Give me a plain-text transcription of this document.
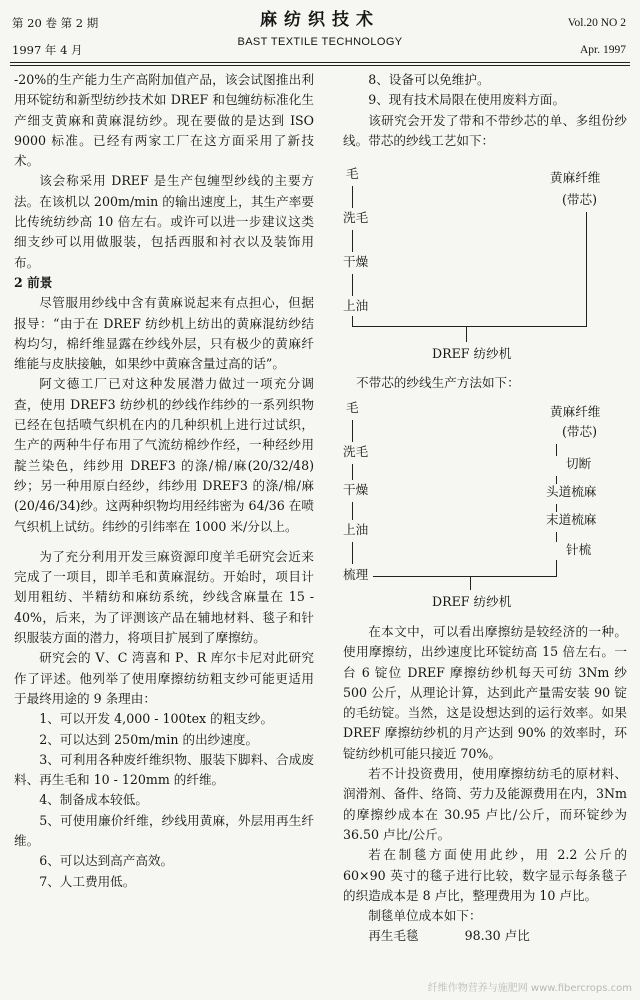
第 20 卷 第 2 期
1997 年 4 月
麻纺织技术
BAST TEXTILE TECHNOLOGY
Vol.20 NO 2
Apr. 1997

-20%的生产能力生产高附加值产品，该会试图推出利用环锭纺和新型纺纱技术如 DREF 和包缠纺标准化生产细支黄麻和黄麻混纺纱。现在要做的是达到 ISO 9000 标准。已经有两家工厂在这方面采用了新技术。

该会称采用 DREF 是生产包缠型纱线的主要方法。在该机以 200m/min 的输出速度上，其生产率要比传统纺纱高 10 倍左右。或许可以进一步建议这类细支纱可以用做服装，包括西服和衬衣以及装饰用布。

2 前景

尽管服用纱线中含有黄麻说起来有点担心，但据报导：“由于在 DREF 纺纱机上纺出的黄麻混纺纱结构均匀，棉纤维显露在纱线外层，只有极少的黄麻纤维能与皮肤接触，如果纱中黄麻含量过高的话”。

阿文德工厂已对这种发展潜力做过一项充分调查，使用 DREF3 纺纱机的纱线作纬纱的一系列织物已经在包括喷气织机在内的几种织机上进行过试织，生产的两种牛仔布用了气流纺棉纱作经，一种经纱用靛兰染色，纬纱用 DREF3 的涤/棉/麻(20/32/48)纱；另一种用原白经纱，纬纱用 DREF3 的涤/棉/麻(20/46/34)纱。这两种织物均用经纬密为 64/36 在喷气织机上试纺。纬纱的引纬率在 1000 米/分以上。

为了充分利用开发亖麻资源印度羊毛研究会近来完成了一项目，即羊毛和黄麻混纺。开始时，项目计划用粗纺、半精纺和麻纺系统，纱线含麻量在 15 - 40%，后来，为了评测该产品在辅地材料、毯子和针织服装方面的潜力，将项目扩展到了摩擦纺。

研究会的 V、C 湾喜和 P、R 库尔卡尼对此研究作了评述。他列举了使用摩擦纺纺粗支纱可能更适用于最终用途的 9 条理由：

1、可以开发 4,000 - 100tex 的粗支纱。

2、可以达到 250m/min 的出纱速度。

3、可利用各种废纤维织物、服装下脚料、合成废料、再生毛和 10 - 120mm 的纤维。

4、制备成本较低。

5、可使用廉价纤维，纱线用黄麻，外层用再生纤维。

6、可以达到高产高效。

7、人工费用低。

8、设备可以免维护。

9、现有技术局限在使用废料方面。

该研究会开发了带和不带纱芯的单、多组份纱线。带芯的纱线工艺如下：

毛
洗毛
干燥
上油
黄麻纤维
(带芯)
DREF 纺纱机
不带芯的纱线生产方法如下：
毛
洗毛
干燥
上油
梳理
黄麻纤维
(带芯)
切断
头道梳麻
末道梳麻
针梳
DREF 纺纱机

在本文中，可以看出摩擦纺是较经济的一种。使用摩擦纺，出纱速度比环锭纺高 15 倍左右。一台 6 锭位 DREF 摩擦纺纱机每天可纺 3Nm 纱 500 公斤，从理论计算，达到此产量需安装 90 锭的毛纺锭。当然，这是设想达到的运行效率。如果 DREF 摩擦纺纱机的月产达到 90% 的效率时，环锭纺纱机可能只接近 70%。

若不计投资费用，使用摩擦纺纺毛的原材料、润滑剂、备件、络筒、劳力及能源费用在内，3Nm 的摩擦纱成本在 30.95 卢比/公斤，而环锭纱为 36.50 卢比/公斤。

若在制毯方面使用此纱，用 2.2 公斤的 60×90 英寸的毯子进行比较，数字显示每条毯子的织造成本是 8 卢比，整理费用为 10 卢比。

制毯单位成本如下：

再生毛毯	98.30 卢比

纤维作物营养与施肥网 www.fibercrops.com
